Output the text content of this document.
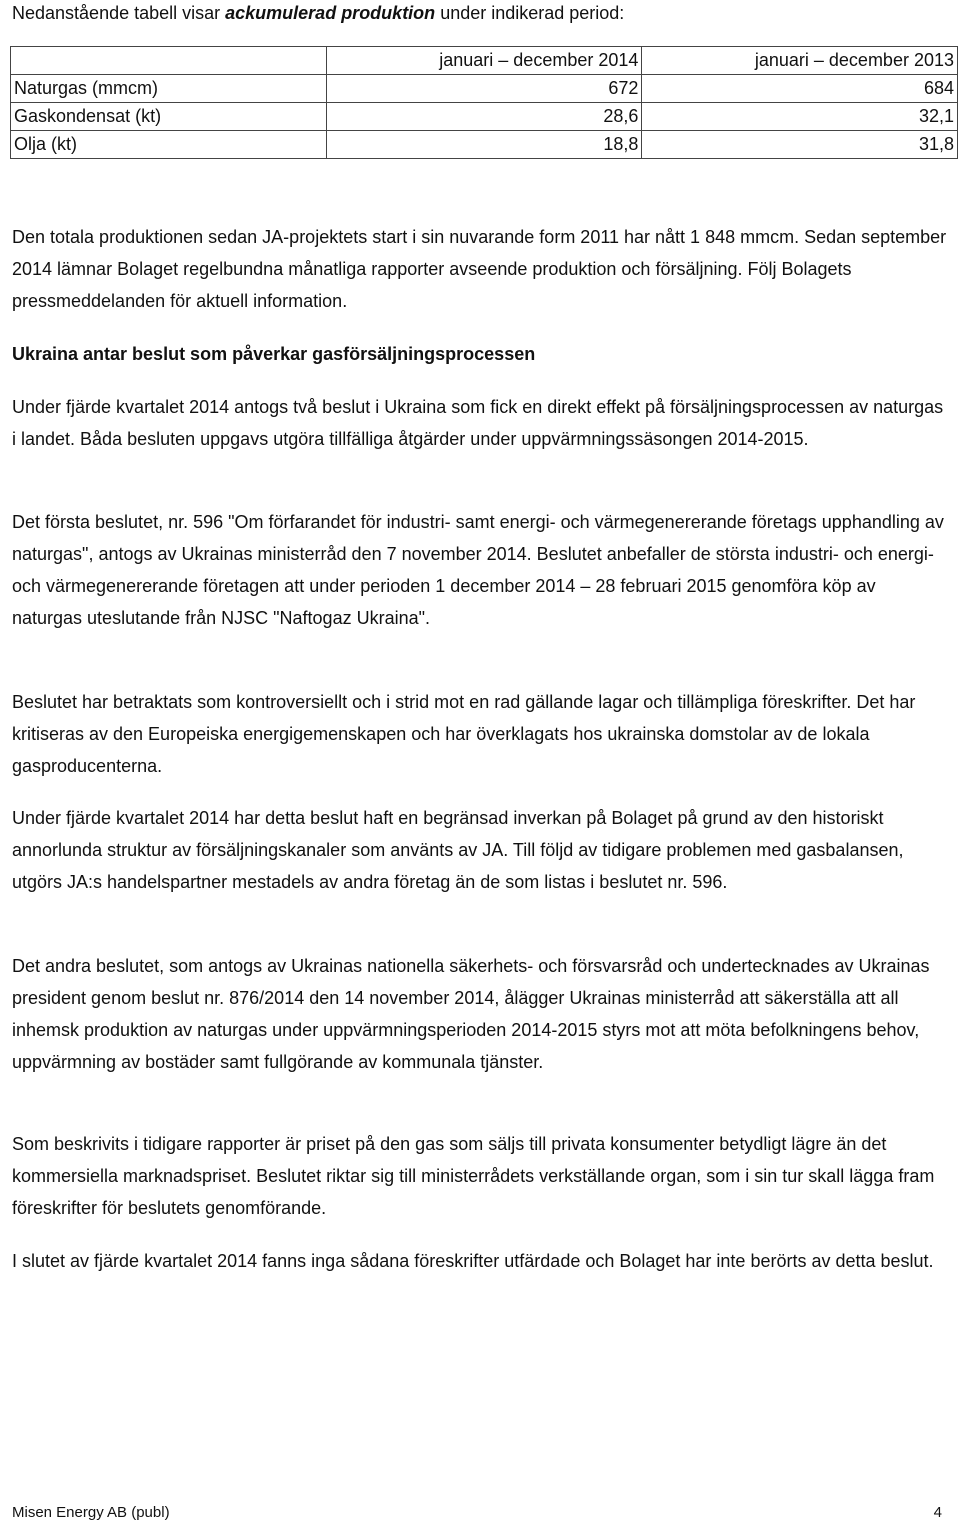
Nedanstående tabell visar ackumulerad produktion under indikerad period:
	januari – december 2014	januari – december 2013
Naturgas (mmcm)	672	684
Gaskondensat (kt)	28,6	32,1
Olja (kt)	18,8	31,8

Den totala produktionen sedan JA-projektets start i sin nuvarande form 2011 har nått 1 848 mmcm. Sedan september 2014 lämnar Bolaget regelbundna månatliga rapporter avseende produktion och försäljning. Följ Bolagets pressmeddelanden för aktuell information.

Ukraina antar beslut som påverkar gasförsäljningsprocessen

Under fjärde kvartalet 2014 antogs två beslut i Ukraina som fick en direkt effekt på försäljningsprocessen av naturgas i landet. Båda besluten uppgavs utgöra tillfälliga åtgärder under uppvärmningssäsongen 2014-2015.

Det första beslutet, nr. 596 "Om förfarandet för industri- samt energi- och värmegenererande företags upphandling av naturgas", antogs av Ukrainas ministerråd den 7 november 2014. Beslutet anbefaller de största industri- och energi- och värmegenererande företagen att under perioden 1 december 2014 – 28 februari 2015 genomföra köp av naturgas uteslutande från NJSC "Naftogaz Ukraina".

Beslutet har betraktats som kontroversiellt och i strid mot en rad gällande lagar och tillämpliga föreskrifter. Det har kritiseras av den Europeiska energigemenskapen och har överklagats hos ukrainska domstolar av de lokala gasproducenterna.

Under fjärde kvartalet 2014 har detta beslut haft en begränsad inverkan på Bolaget på grund av den historiskt annorlunda struktur av försäljningskanaler som använts av JA. Till följd av tidigare problemen med gasbalansen, utgörs JA:s handelspartner mestadels av andra företag än de som listas i beslutet nr. 596.

Det andra beslutet, som antogs av Ukrainas nationella säkerhets- och försvarsråd och undertecknades av Ukrainas president genom beslut nr. 876/2014 den 14 november 2014, ålägger Ukrainas ministerråd att säkerställa att all inhemsk produktion av naturgas under uppvärmningsperioden 2014-2015 styrs mot att möta befolkningens behov, uppvärmning av bostäder samt fullgörande av kommunala tjänster.

Som beskrivits i tidigare rapporter är priset på den gas som säljs till privata konsumenter betydligt lägre än det kommersiella marknadspriset. Beslutet riktar sig till ministerrådets verkställande organ, som i sin tur skall lägga fram föreskrifter för beslutets genomförande.

I slutet av fjärde kvartalet 2014 fanns inga sådana föreskrifter utfärdade och Bolaget har inte berörts av detta beslut.

Misen Energy AB (publ)	4
